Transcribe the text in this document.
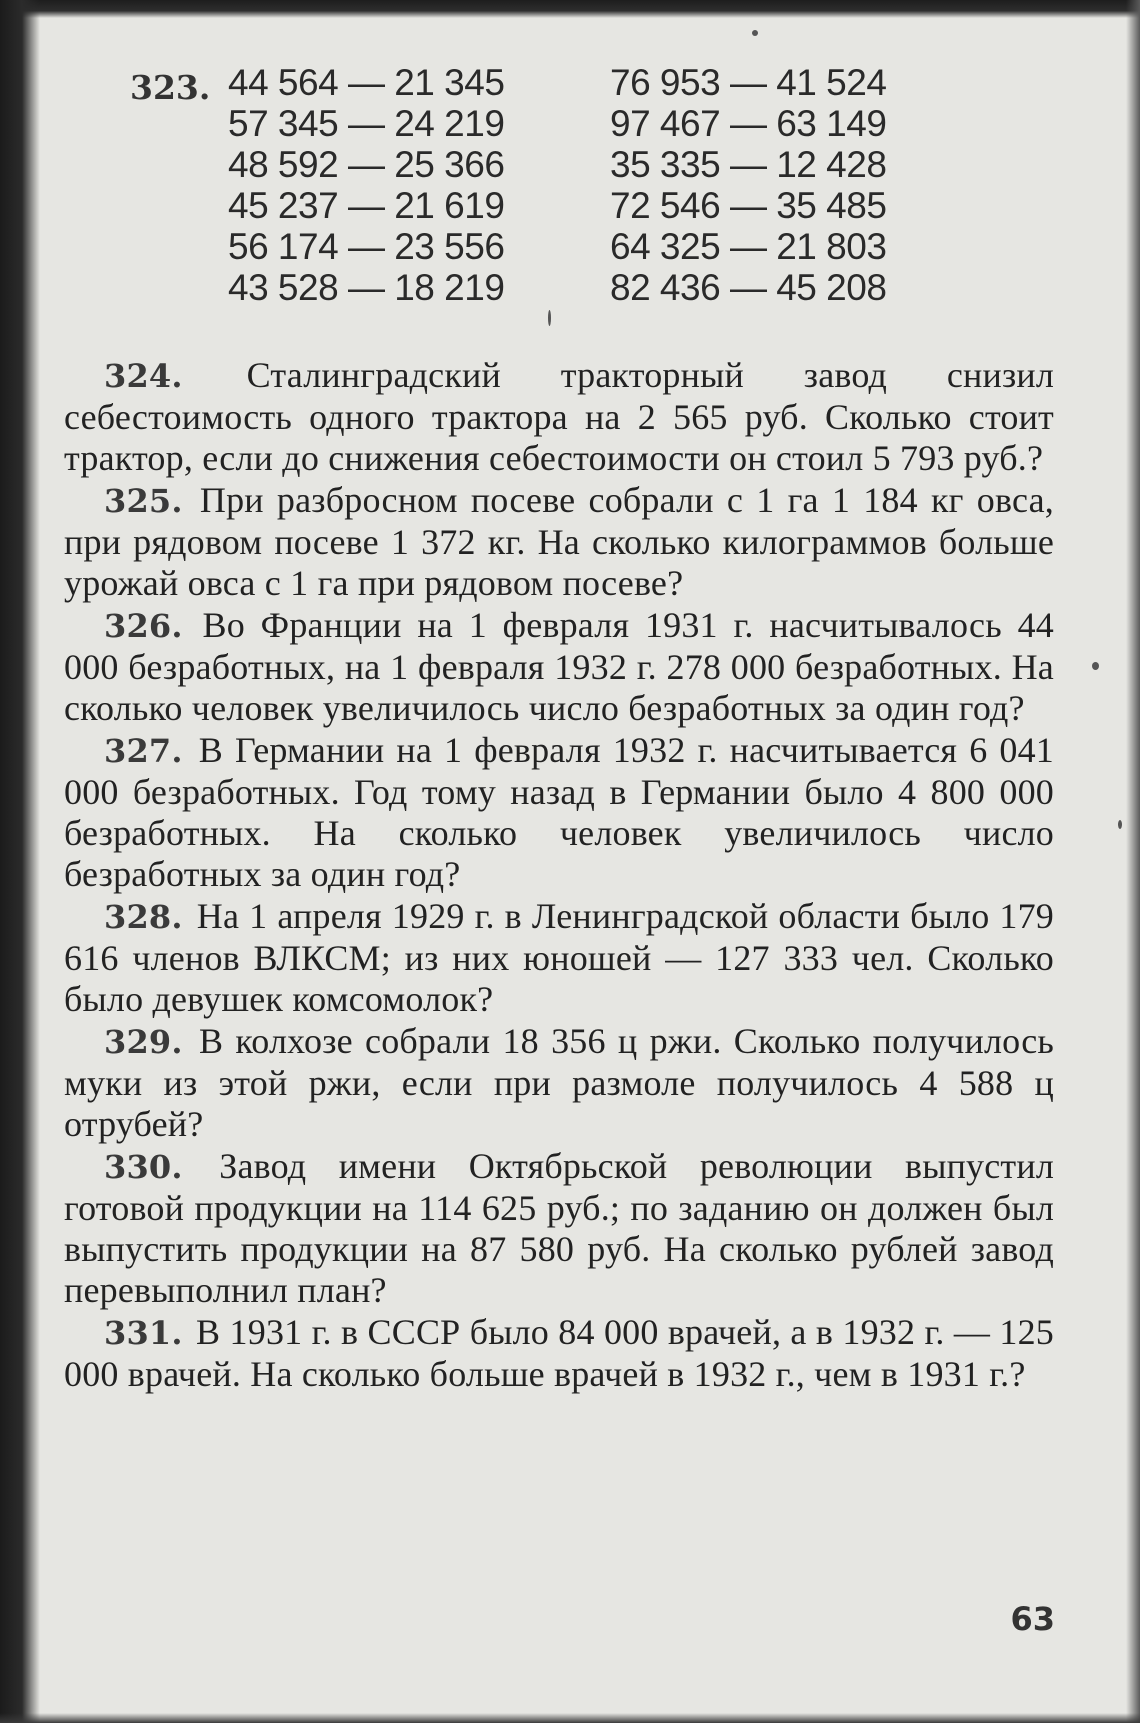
323. 44 564 — 21 345
57 345 — 24 219
48 592 — 25 366
45 237 — 21 619
56 174 — 23 556
43 528 — 18 219
76 953 — 41 524
97 467 — 63 149
35 335 — 12 428
72 546 — 35 485
64 325 — 21 803
82 436 — 45 208

324. Сталинградский тракторный завод снизил себестоимость одного трактора на 2 565 руб. Сколько стоит трактор, если до снижения себестоимости он стоил 5 793 руб.?

325. При разбросном посеве собрали с 1 га 1 184 кг овса, при рядовом посеве 1 372 кг. На сколько килограммов больше урожай овса с 1 га при рядовом посеве?

326. Во Франции на 1 февраля 1931 г. насчитывалось 44 000 безработных, на 1 февраля 1932 г. 278 000 безработных. На сколько человек увеличилось число безработных за один год?

327. В Германии на 1 февраля 1932 г. насчитывается 6 041 000 безработных. Год тому назад в Германии было 4 800 000 безработных. На сколько человек увеличилось число безработных за один год?

328. На 1 апреля 1929 г. в Ленинградской области было 179 616 членов ВЛКСМ; из них юношей — 127 333 чел. Сколько было девушек комсомолок?

329. В колхозе собрали 18 356 ц ржи. Сколько получилось муки из этой ржи, если при размоле получилось 4 588 ц отрубей?

330. Завод имени Октябрьской революции выпустил готовой продукции на 114 625 руб.; по заданию он должен был выпустить продукции на 87 580 руб. На сколько рублей завод перевыполнил план?

331. В 1931 г. в СССР было 84 000 врачей, а в 1932 г. — 125 000 врачей. На сколько больше врачей в 1932 г., чем в 1931 г.?

63
